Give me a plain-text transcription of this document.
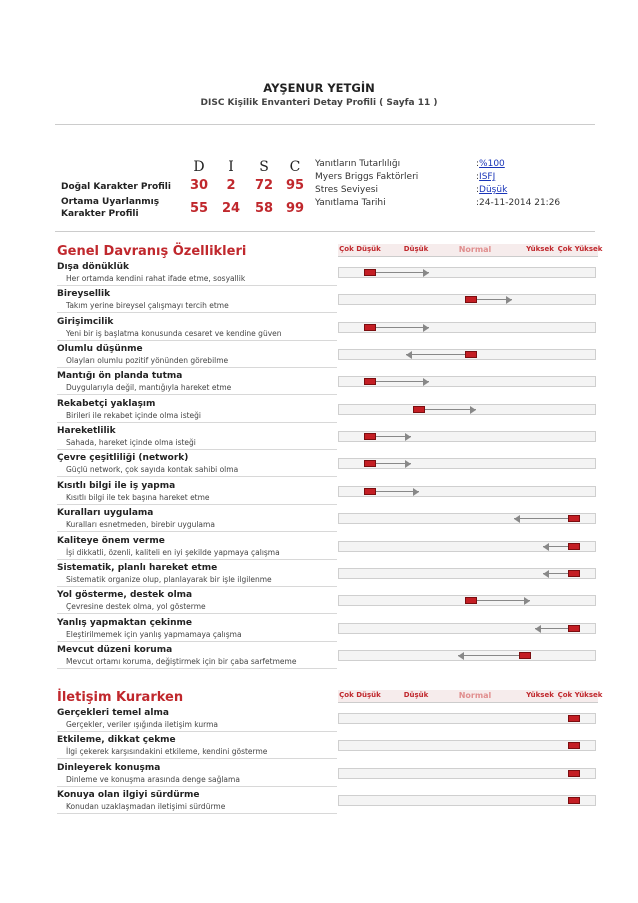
AYŞENUR YETGİN
DISC Kişilik Envanteri Detay Profili ( Sayfa 11 )
D	I	S	C
Doğal Karakter Profili	30	2	72 95
Ortama Uyarlanmış
Karakter Profili	55	24	58 99
Yanıtların Tutarlılığı	:%100
Myers Briggs Faktörleri	:ISFJ
Stres Seviyesi	:Düşük
Yanıtlama Tarihi	:24-11-2014 21:26
Genel Davranış Özellikleri	Çok Düşük	Düşük	Normal	Yüksek Çok Yüksek
Dışa dönüklük
Her ortamda kendini rahat ifade etme, sosyallik
Bireysellik
Takım yerine bireysel çalışmayı tercih etme
Girişimcilik
Yeni bir iş başlatma konusunda cesaret ve kendine güven
Olumlu düşünme
Olayları olumlu pozitif yönünden görebilme
Mantığı ön planda tutma
Duygularıyla değil, mantığıyla hareket etme
Rekabetçi yaklaşım
Birileri ile rekabet içinde olma isteği
Hareketlilik
Sahada, hareket içinde olma isteği
Çevre çeşitliliği (network)
Güçlü network, çok sayıda kontak sahibi olma
Kısıtlı bilgi ile iş yapma
Kısıtlı bilgi ile tek başına hareket etme
Kuralları uygulama
Kuralları esnetmeden, birebir uygulama
Kaliteye önem verme
İşi dikkatli, özenli, kaliteli en iyi şekilde yapmaya çalışma
Sistematik, planlı hareket etme
Sistematik organize olup, planlayarak bir işle ilgilenme
Yol gösterme, destek olma
Çevresine destek olma, yol gösterme
Yanlış yapmaktan çekinme
Eleştirilmemek için yanlış yapmamaya çalışma
Mevcut düzeni koruma
Mevcut ortamı koruma, değiştirmek için bir çaba sarfetmeme
İletişim Kurarken	Çok Düşük	Düşük	Normal	Yüksek Çok Yüksek
Gerçekleri temel alma
Gerçekler, veriler ışığında iletişim kurma
Etkileme, dikkat çekme
İlgi çekerek karşısındakini etkileme, kendini gösterme
Dinleyerek konuşma
Dinleme ve konuşma arasında denge sağlama
Konuya olan ilgiyi sürdürme
Konudan uzaklaşmadan iletişimi sürdürme
